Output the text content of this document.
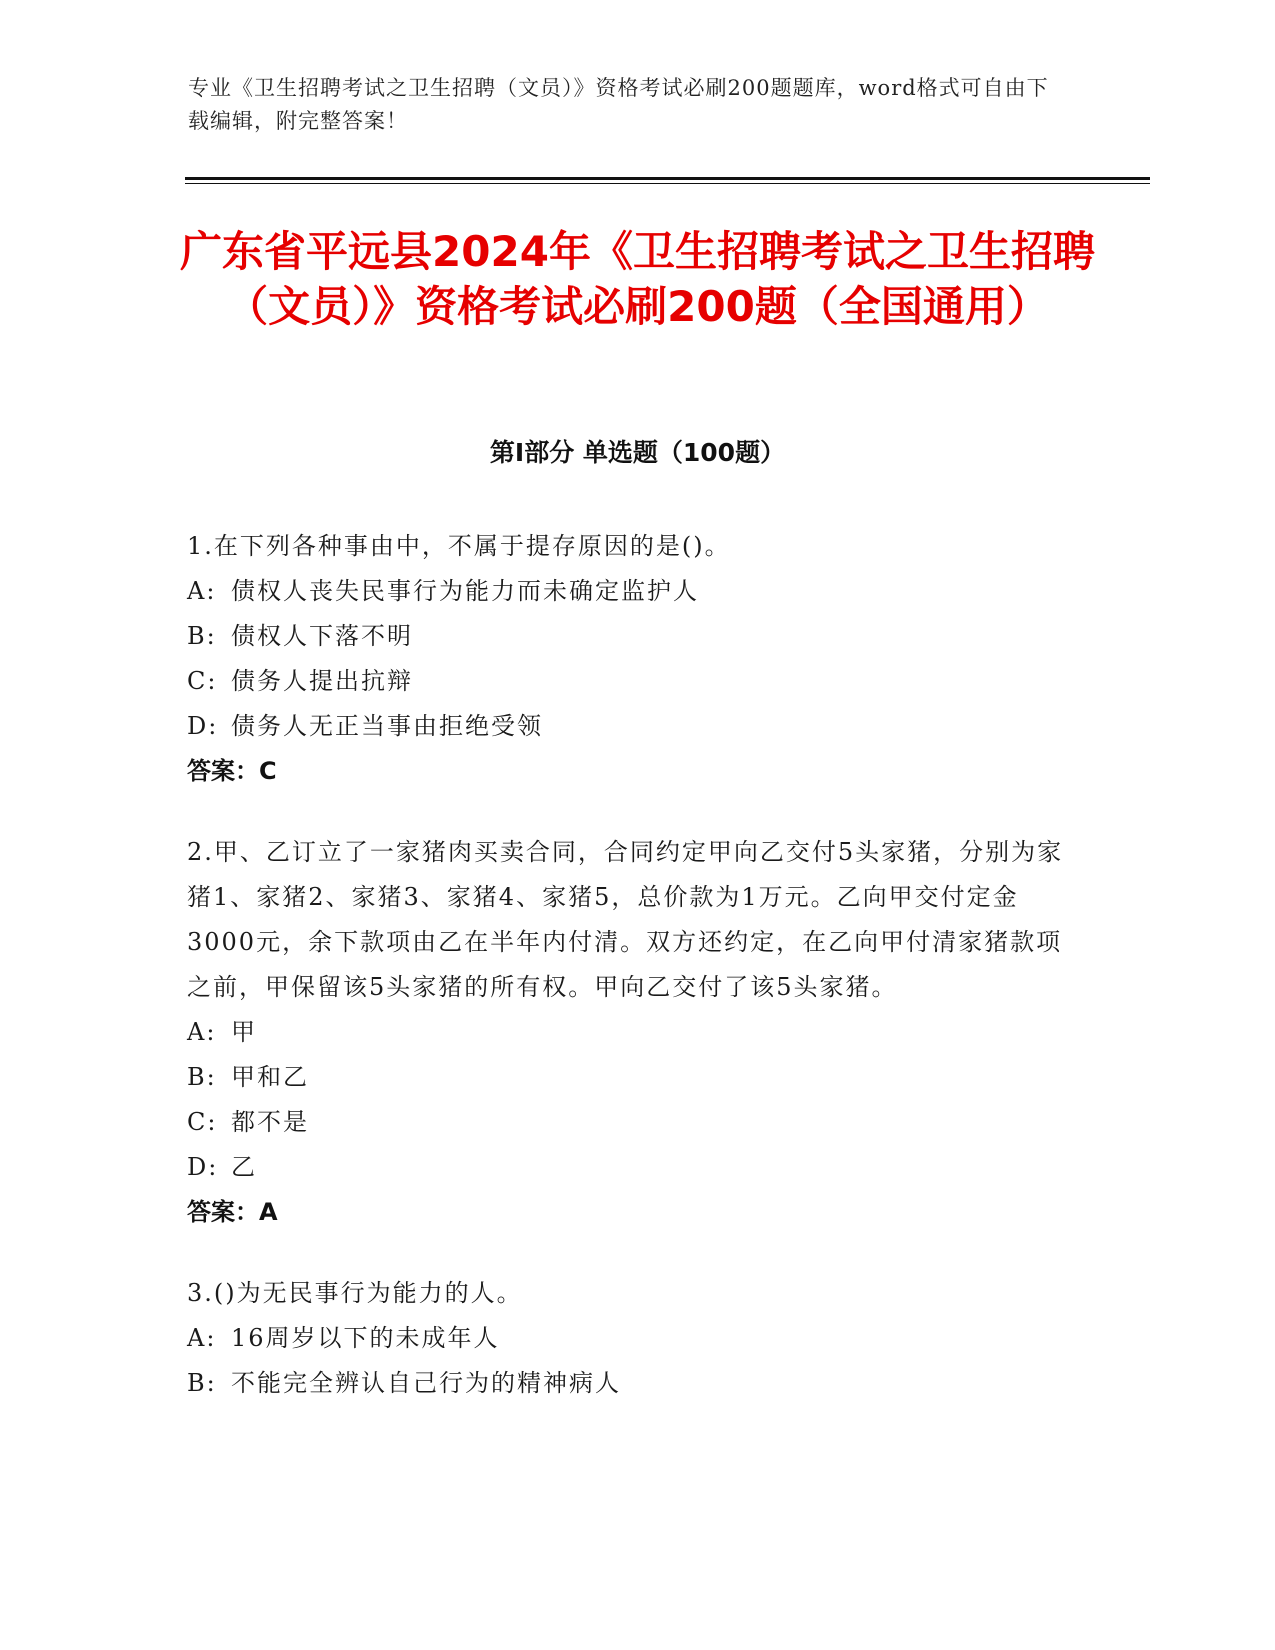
专业《卫生招聘考试之卫生招聘（文员）》资格考试必刷200题题库，word格式可自由下载编辑，附完整答案！
广东省平远县2024年《卫生招聘考试之卫生招聘（文员）》资格考试必刷200题（全国通用）
第Ⅰ部分 单选题（100题）
1.在下列各种事由中，不属于提存原因的是()。
A: 债权人丧失民事行为能力而未确定监护人
B: 债权人下落不明
C: 债务人提出抗辩
D: 债务人无正当事由拒绝受领
答案：C
2.甲、乙订立了一家猪肉买卖合同，合同约定甲向乙交付5头家猪，分别为家猪1、家猪2、家猪3、家猪4、家猪5，总价款为1万元。乙向甲交付定金3000元，余下款项由乙在半年内付清。双方还约定，在乙向甲付清家猪款项之前，甲保留该5头家猪的所有权。甲向乙交付了该5头家猪。
A: 甲
B: 甲和乙
C: 都不是
D: 乙
答案：A
3.()为无民事行为能力的人。
A: 16周岁以下的未成年人
B: 不能完全辨认自己行为的精神病人
